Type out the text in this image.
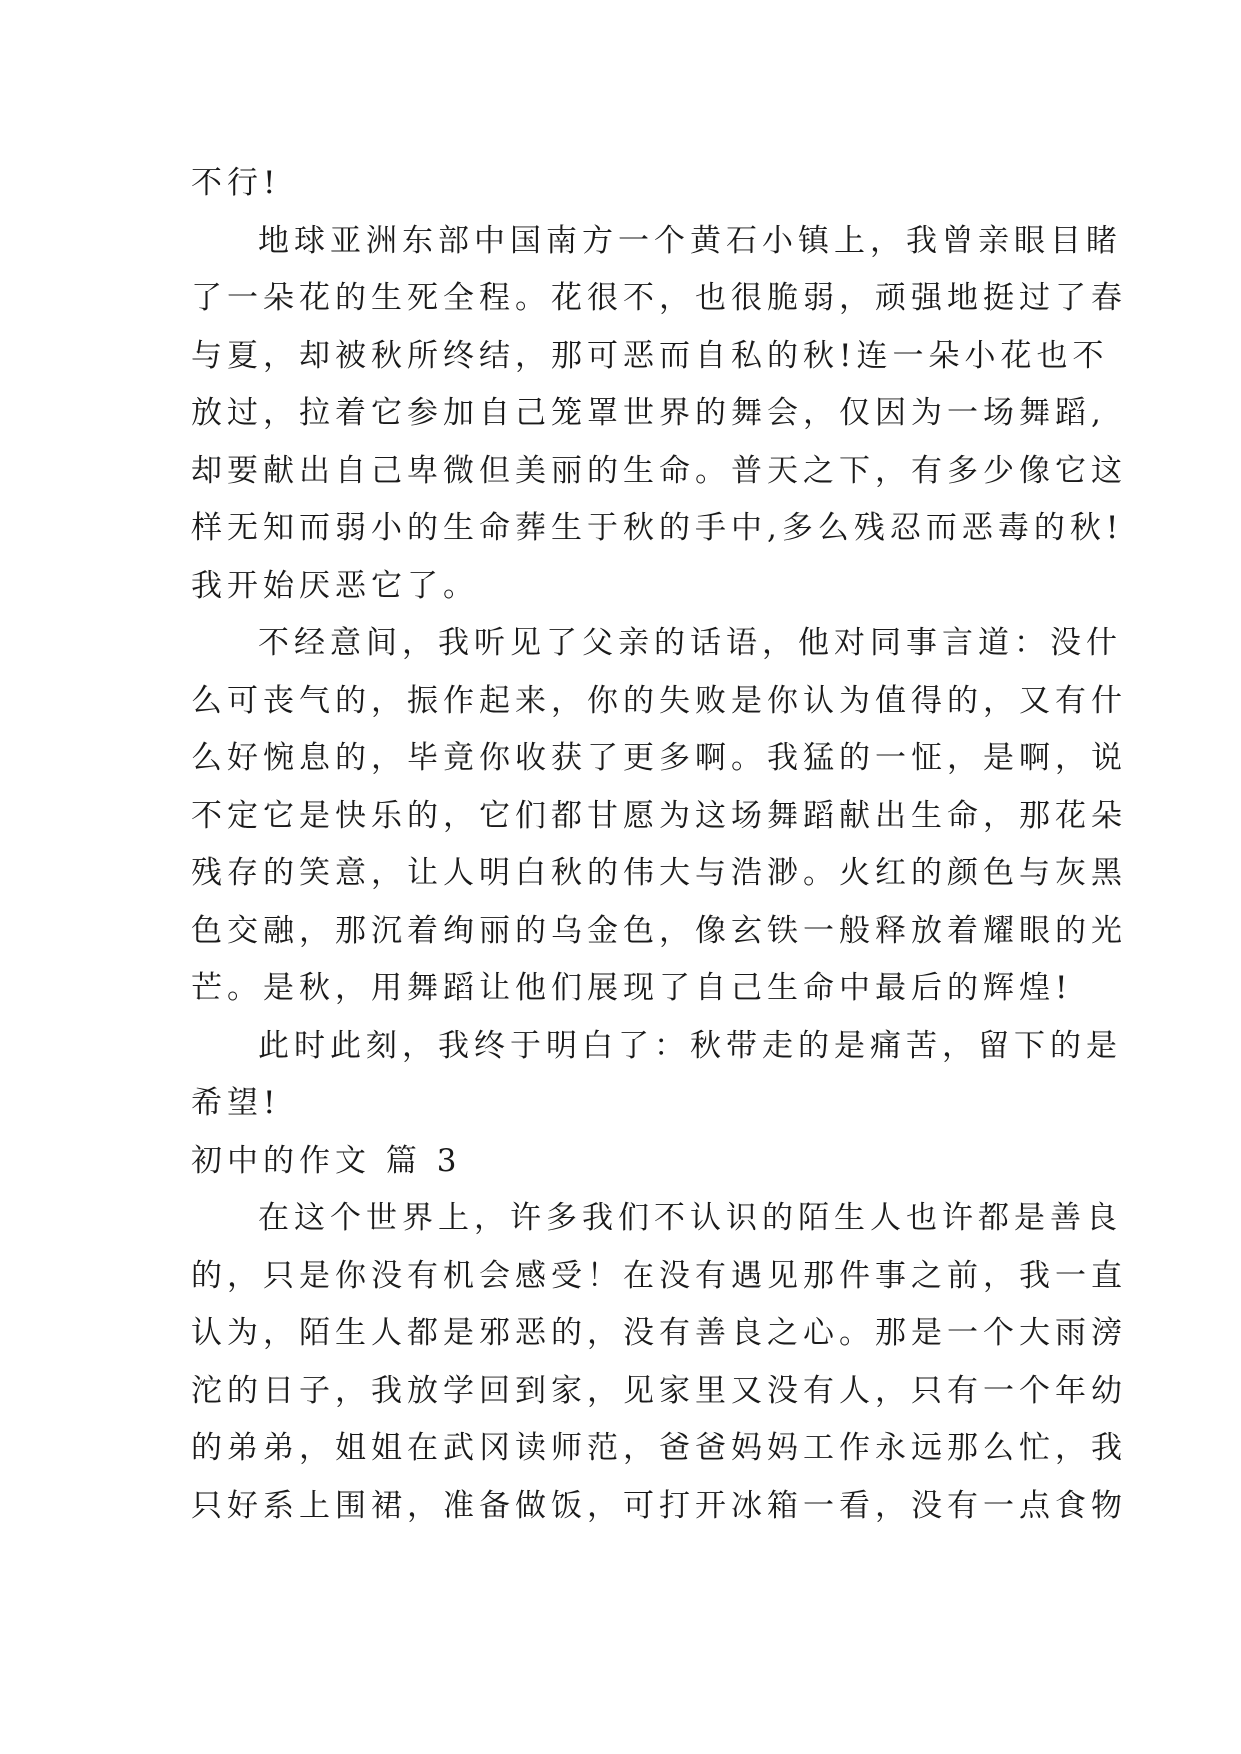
不行!
地球亚洲东部中国南方一个黄石小镇上，我曾亲眼目睹
了一朵花的生死全程。花很不，也很脆弱，顽强地挺过了春
与夏，却被秋所终结，那可恶而自私的秋!连一朵小花也不
放过，拉着它参加自己笼罩世界的舞会，仅因为一场舞蹈,
却要献出自己卑微但美丽的生命。普天之下，有多少像它这
样无知而弱小的生命葬生于秋的手中,多么残忍而恶毒的秋!
我开始厌恶它了。
不经意间，我听见了父亲的话语，他对同事言道：没什
么可丧气的，振作起来，你的失败是你认为值得的，又有什
么好惋息的，毕竟你收获了更多啊。我猛的一怔，是啊，说
不定它是快乐的，它们都甘愿为这场舞蹈献出生命，那花朵
残存的笑意，让人明白秋的伟大与浩渺。火红的颜色与灰黑
色交融，那沉着绚丽的乌金色，像玄铁一般释放着耀眼的光
芒。是秋，用舞蹈让他们展现了自己生命中最后的辉煌!
此时此刻，我终于明白了：秋带走的是痛苦，留下的是
希望!
初中的作文 篇 3
在这个世界上，许多我们不认识的陌生人也许都是善良
的，只是你没有机会感受！在没有遇见那件事之前，我一直
认为，陌生人都是邪恶的，没有善良之心。那是一个大雨滂
沱的日子，我放学回到家，见家里又没有人，只有一个年幼
的弟弟，姐姐在武冈读师范，爸爸妈妈工作永远那么忙，我
只好系上围裙，准备做饭，可打开冰箱一看，没有一点食物
